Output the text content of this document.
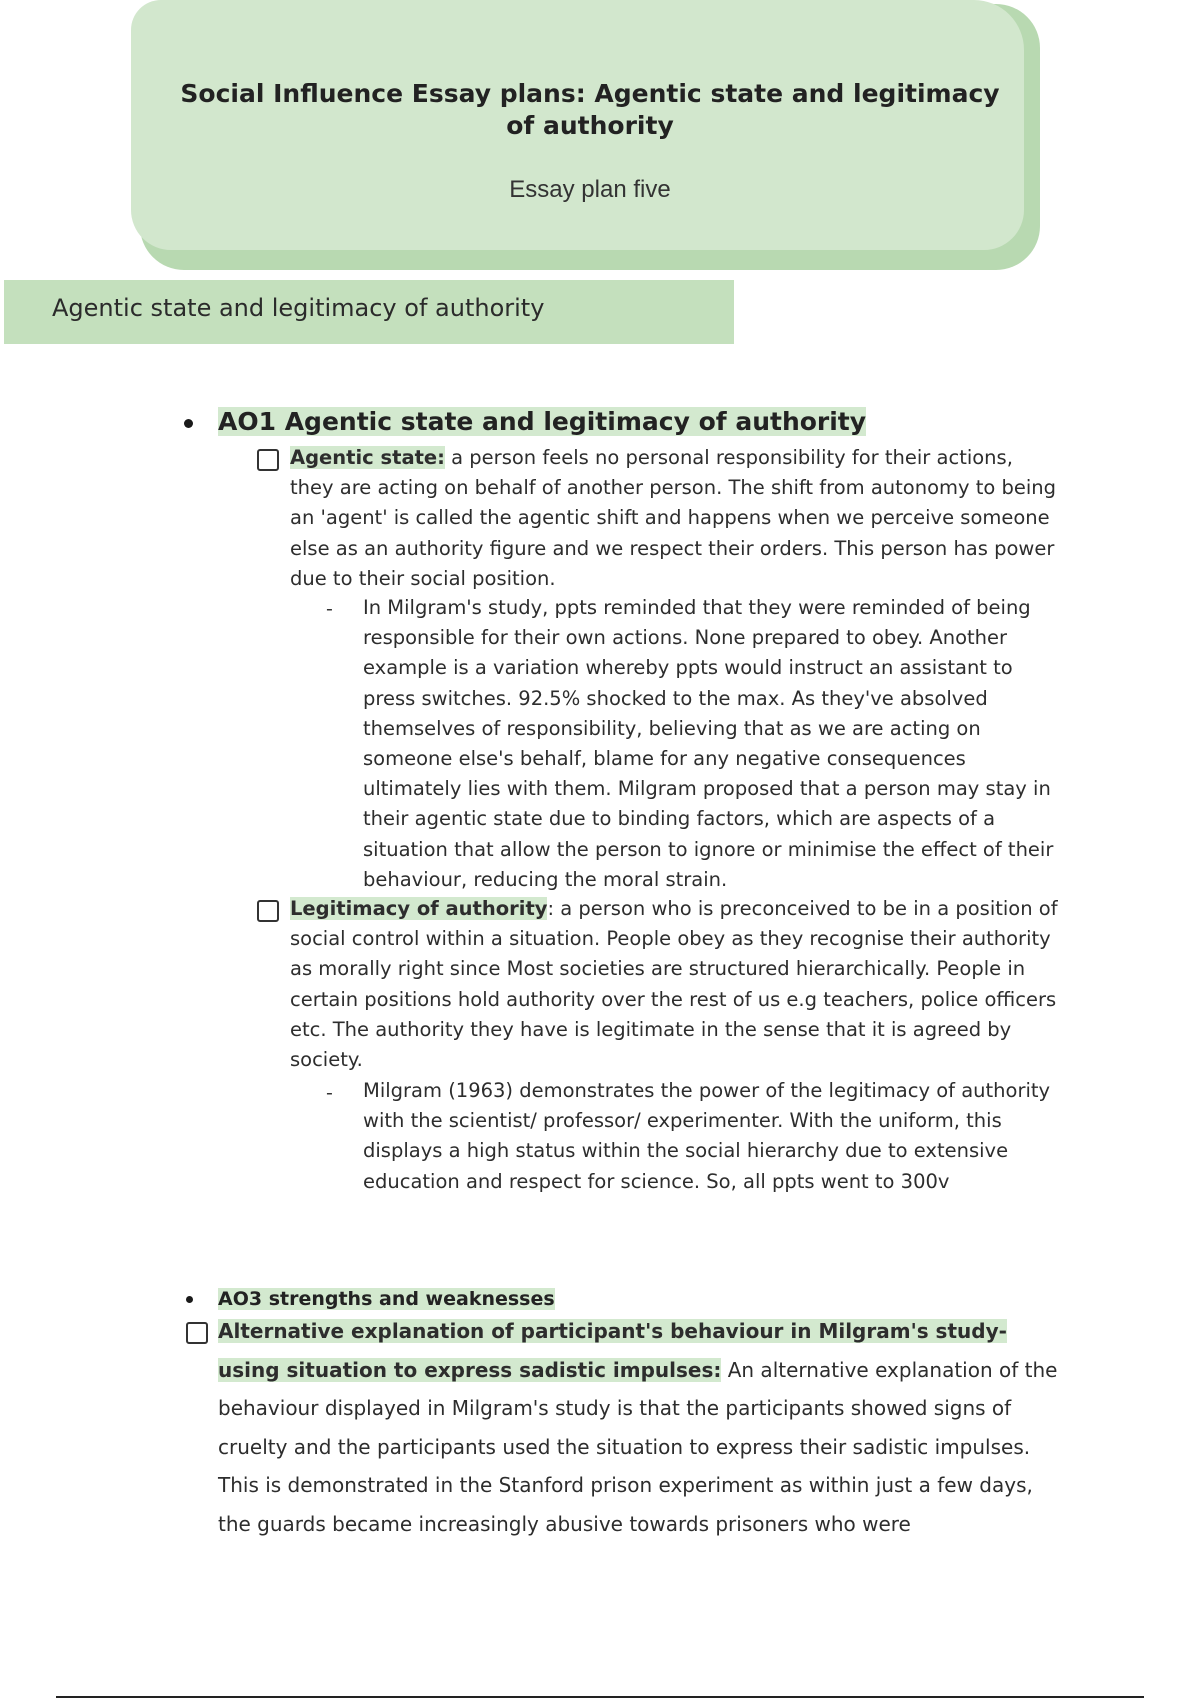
Social Influence Essay plans: Agentic state and legitimacy of authority
Essay plan five
Agentic state and legitimacy of authority
AO1 Agentic state and legitimacy of authority
Agentic state: a person feels no personal responsibility for their actions, they are acting on behalf of another person. The shift from autonomy to being an 'agent' is called the agentic shift and happens when we perceive someone else as an authority figure and we respect their orders. This person has power due to their social position.
- In Milgram's study, ppts reminded that they were reminded of being responsible for their own actions. None prepared to obey. Another example is a variation whereby ppts would instruct an assistant to press switches. 92.5% shocked to the max. As they've absolved themselves of responsibility, believing that as we are acting on someone else's behalf, blame for any negative consequences ultimately lies with them. Milgram proposed that a person may stay in their agentic state due to binding factors, which are aspects of a situation that allow the person to ignore or minimise the effect of their behaviour, reducing the moral strain.
Legitimacy of authority: a person who is preconceived to be in a position of social control within a situation. People obey as they recognise their authority as morally right since Most societies are structured hierarchically. People in certain positions hold authority over the rest of us e.g teachers, police officers etc. The authority they have is legitimate in the sense that it is agreed by society.
- Milgram (1963) demonstrates the power of the legitimacy of authority with the scientist/ professor/ experimenter. With the uniform, this displays a high status within the social hierarchy due to extensive education and respect for science. So, all ppts went to 300v
AO3 strengths and weaknesses
Alternative explanation of participant's behaviour in Milgram's study- using situation to express sadistic impulses: An alternative explanation of the behaviour displayed in Milgram's study is that the participants showed signs of cruelty and the participants used the situation to express their sadistic impulses. This is demonstrated in the Stanford prison experiment as within just a few days, the guards became increasingly abusive towards prisoners who were
